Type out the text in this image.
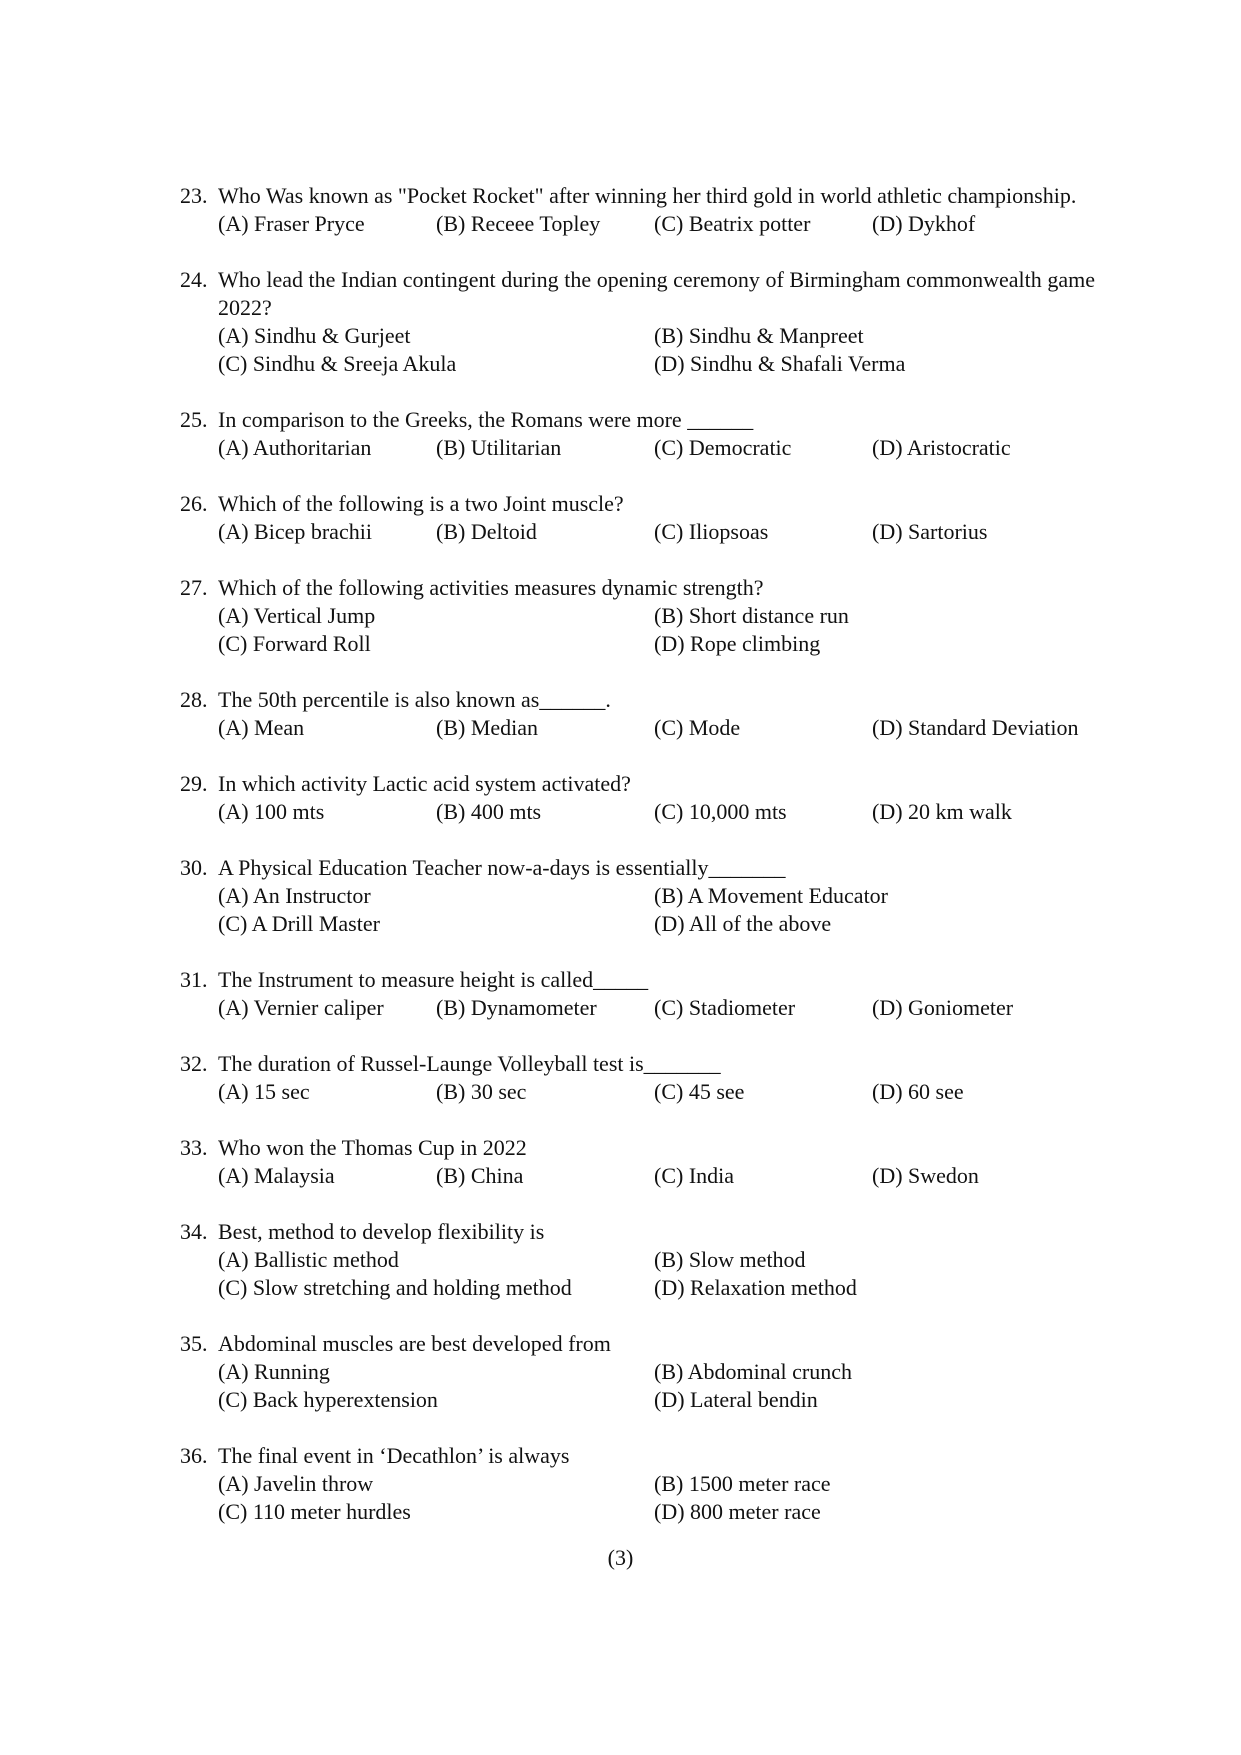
23. Who Was known as "Pocket Rocket" after winning her third gold in world athletic championship.
(A) Fraser Pryce	(B) Receee Topley	(C) Beatrix potter	(D) Dykhof
24. Who lead the Indian contingent during the opening ceremony of Birmingham commonwealth game 2022?
(A) Sindhu & Gurjeet	(B) Sindhu & Manpreet
(C) Sindhu & Sreeja Akula	(D) Sindhu & Shafali Verma
25. In comparison to the Greeks, the Romans were more ______
(A) Authoritarian	(B) Utilitarian	(C) Democratic	(D) Aristocratic
26. Which of the following is a two Joint muscle?
(A) Bicep brachii	(B) Deltoid	(C) Iliopsoas	(D) Sartorius
27. Which of the following activities measures dynamic strength?
(A) Vertical Jump	(B) Short distance run
(C) Forward Roll	(D) Rope climbing
28. The 50th percentile is also known as______.
(A) Mean	(B) Median	(C) Mode	(D) Standard Deviation
29. In which activity Lactic acid system activated?
(A) 100 mts	(B) 400 mts	(C) 10,000 mts	(D) 20 km walk
30. A Physical Education Teacher now-a-days is essentially_______
(A) An Instructor	(B) A Movement Educator
(C) A Drill Master	(D) All of the above
31. The Instrument to measure height is called_____
(A) Vernier caliper	(B) Dynamometer	(C) Stadiometer	(D) Goniometer
32. The duration of Russel-Launge Volleyball test is_______
(A) 15 sec	(B) 30 sec	(C) 45 see	(D) 60 see
33. Who won the Thomas Cup in 2022
(A) Malaysia	(B) China	(C) India	(D) Swedon
34. Best, method to develop flexibility is
(A) Ballistic method	(B) Slow method
(C) Slow stretching and holding method	(D) Relaxation method
35. Abdominal muscles are best developed from
(A) Running	(B) Abdominal crunch
(C) Back hyperextension	(D) Lateral bendin
36. The final event in ‘Decathlon’ is always
(A) Javelin throw	(B) 1500 meter race
(C) 110 meter hurdles	(D) 800 meter race
(3)
